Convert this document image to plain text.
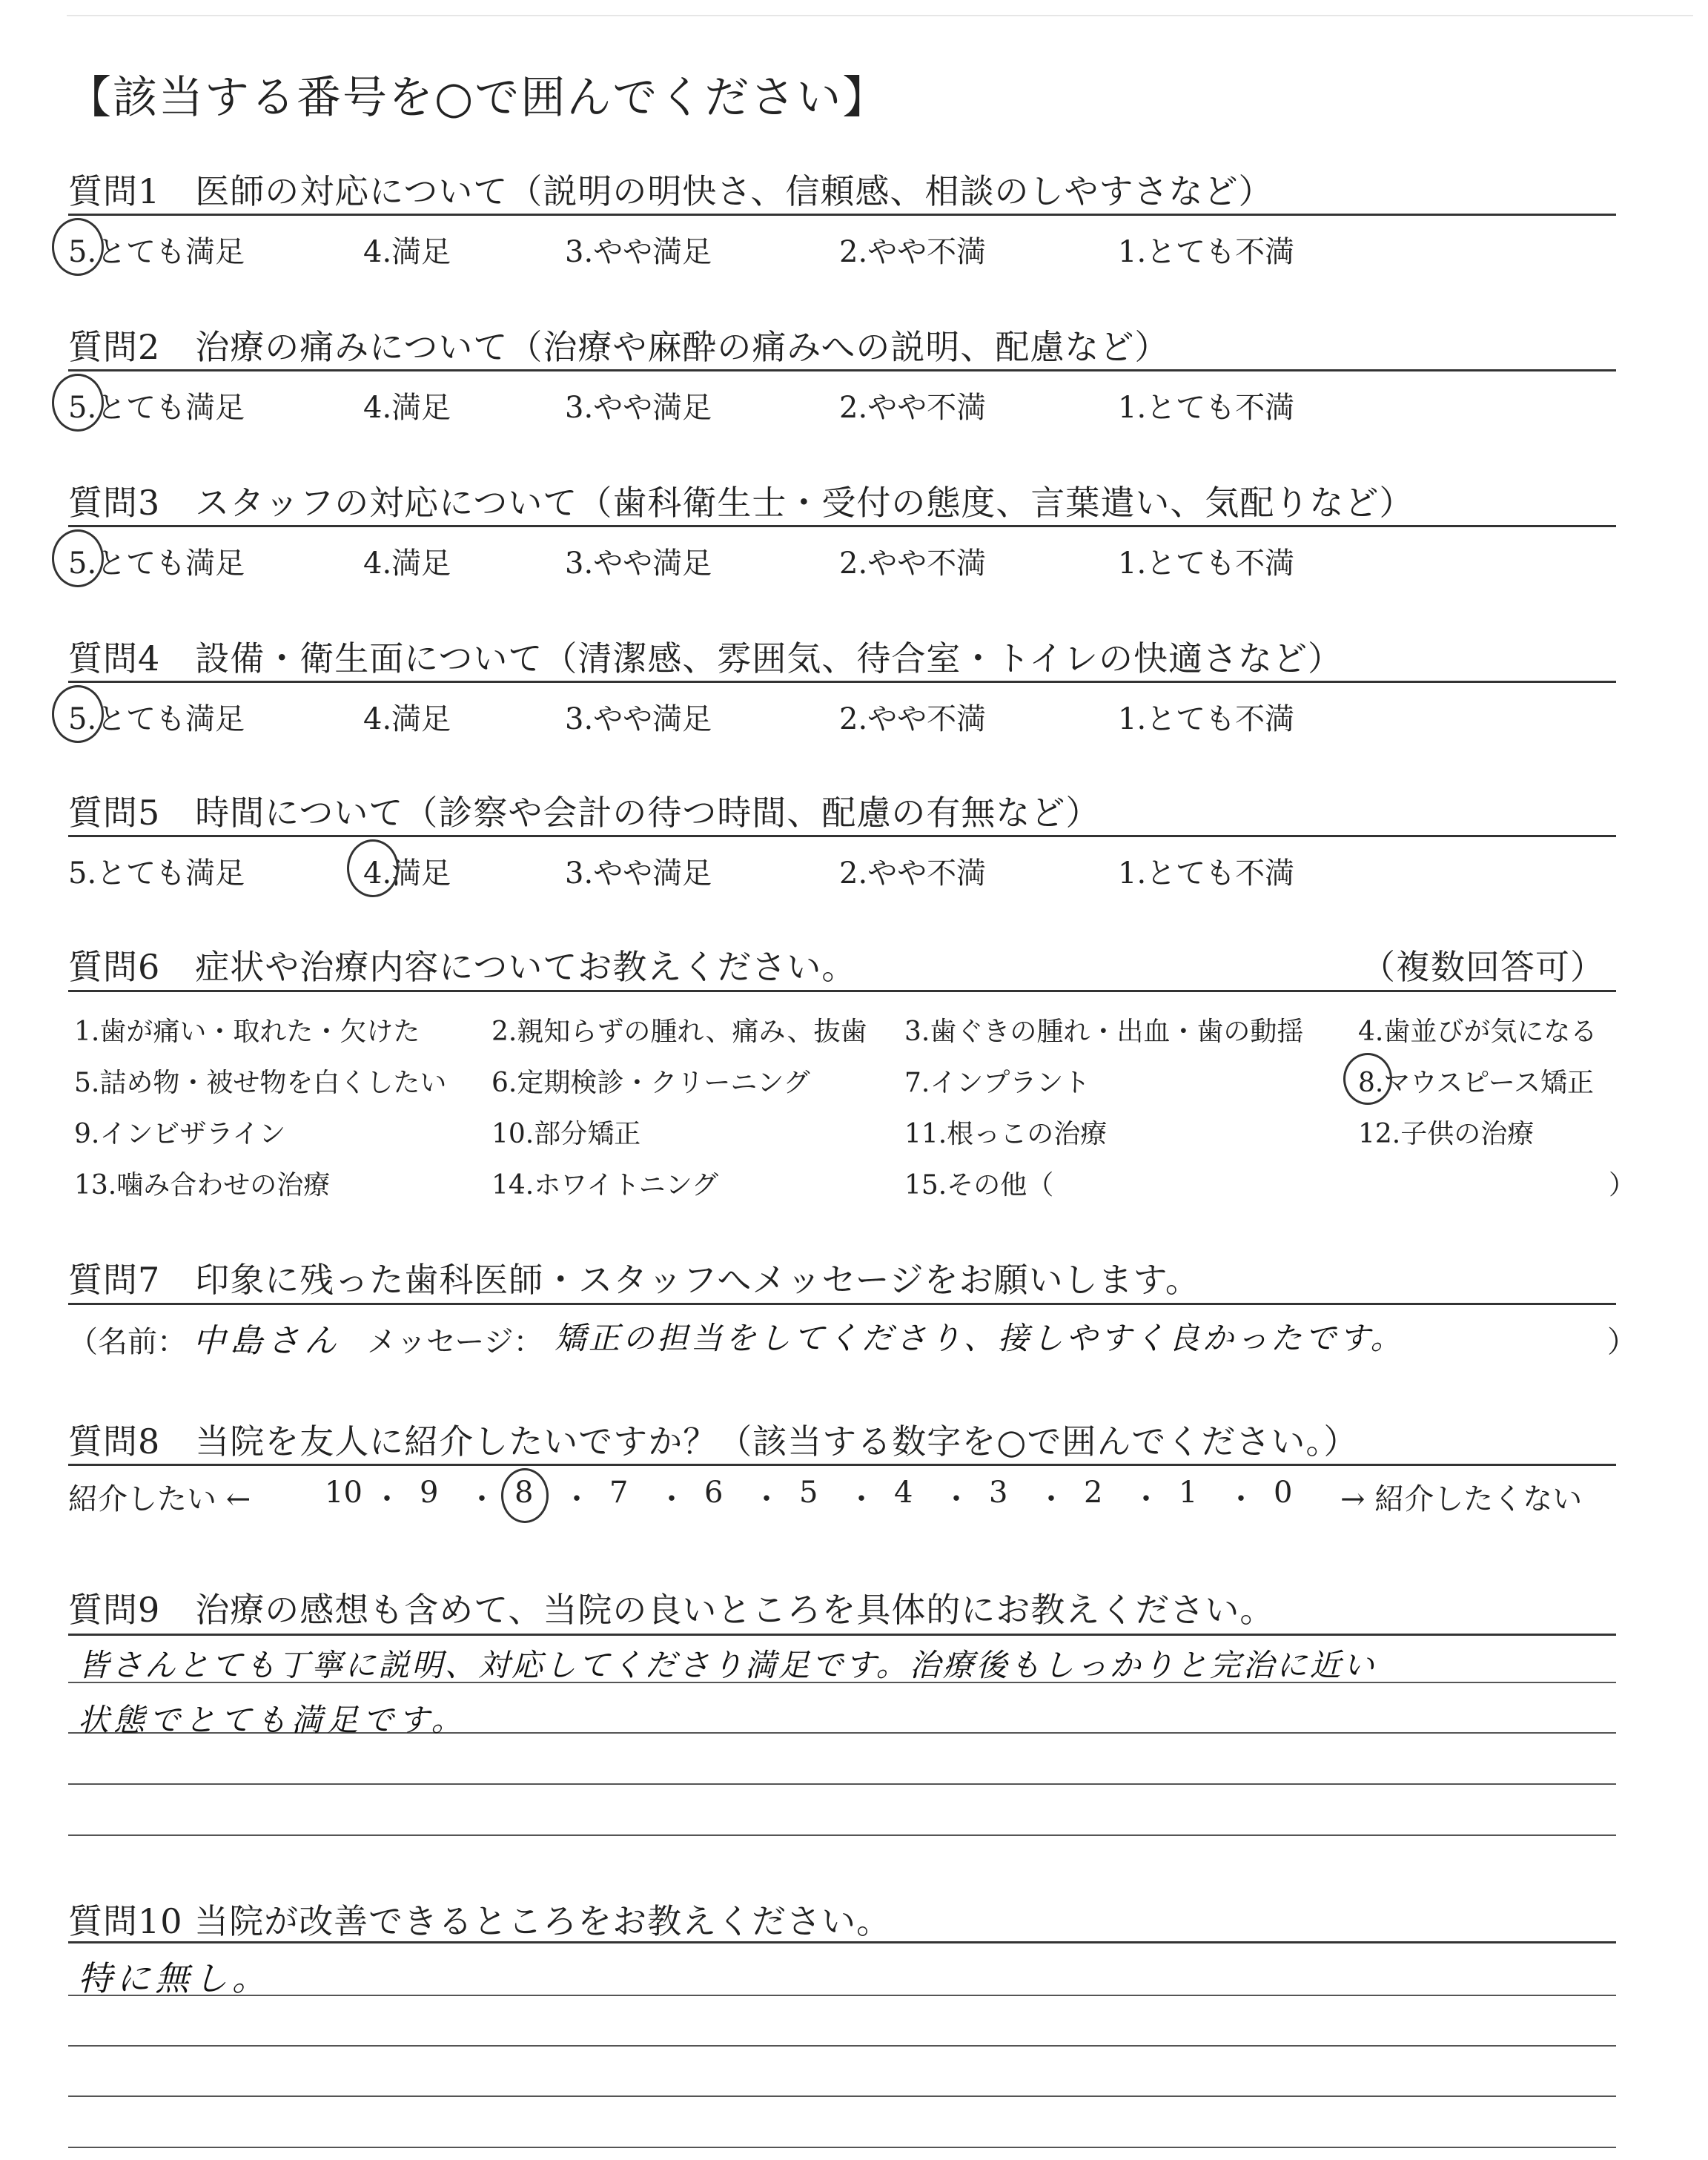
【該当する番号を○で囲んでください】
質問1　医師の対応について（説明の明快さ、信頼感、相談のしやすさなど）
5.とても満足	4.満足	3.やや満足	2.やや不満	1.とても不満
質問2　治療の痛みについて（治療や麻酔の痛みへの説明、配慮など）
5.とても満足	4.満足	3.やや満足	2.やや不満	1.とても不満
質問3　スタッフの対応について（歯科衛生士・受付の態度、言葉遣い、気配りなど）
5.とても満足	4.満足	3.やや満足	2.やや不満	1.とても不満
質問4　設備・衛生面について（清潔感、雰囲気、待合室・トイレの快適さなど）
5.とても満足	4.満足	3.やや満足	2.やや不満	1.とても不満
質問5　時間について（診察や会計の待つ時間、配慮の有無など）
5.とても満足	4.満足	3.やや満足	2.やや不満	1.とても不満
質問6　症状や治療内容についてお教えください。	（複数回答可）
1.歯が痛い・取れた・欠けた	2.親知らずの腫れ、痛み、抜歯 3.歯ぐきの腫れ・出血・歯の動揺 4.歯並びが気になる
5.詰め物・被せ物を白くしたい 6.定期検診・クリーニング	7.インプラント	8.マウスピース矯正
9.インビザライン	10.部分矯正	11.根っこの治療	12.子供の治療
13.噛み合わせの治療	14.ホワイトニング	15.その他（	）
質問7　印象に残った歯科医師・スタッフへメッセージをお願いします。
（名前： 中島さん メッセージ： 矯正の担当をしてくださり、接しやすく良かったです。	）
質問8　当院を友人に紹介したいですか？（該当する数字を○で囲んでください。）
紹介したい ← 10 ・ 9 ・ 8 ・ 7 ・ 6 ・ 5 ・ 4 ・ 3 ・ 2 ・ 1 ・ 0 → 紹介したくない
質問9　治療の感想も含めて、当院の良いところを具体的にお教えください。
皆さんとても丁寧に説明、対応してくださり満足です。治療後もしっかりと完治に近い
状態でとても満足です。
質問10 当院が改善できるところをお教えください。
特に無し。
